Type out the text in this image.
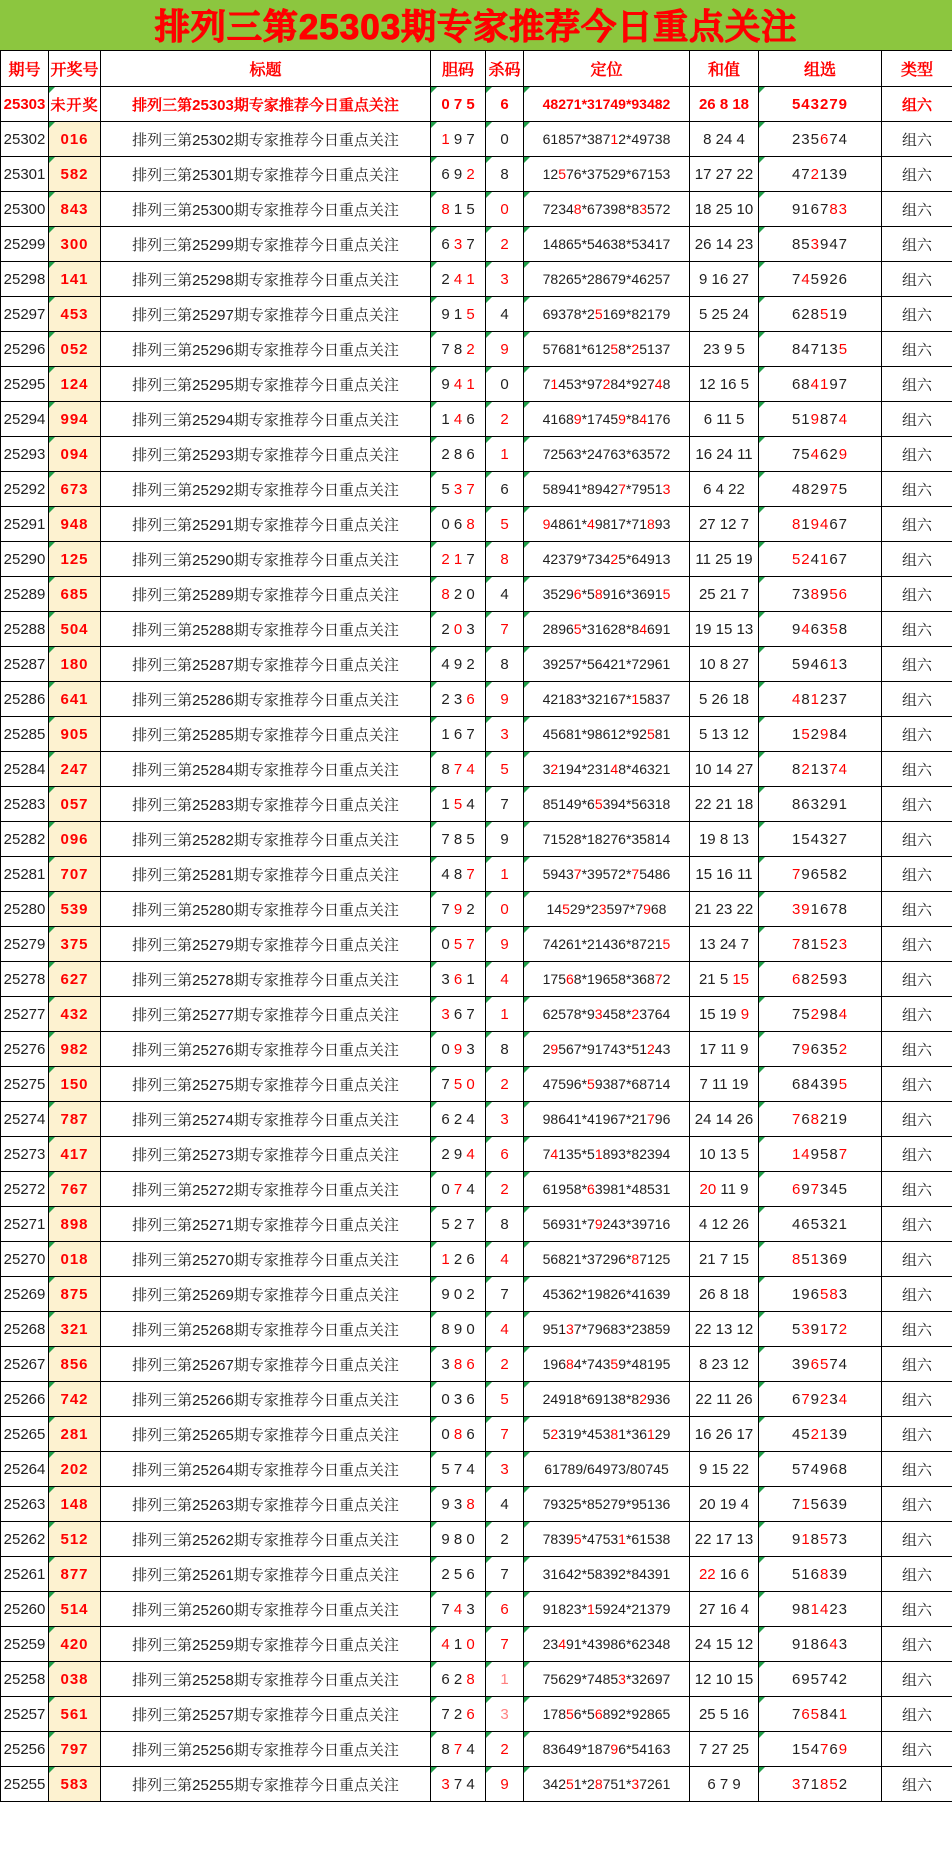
排列三第25303期专家推荐今日重点关注
期号	开奖号	标题	胆码	杀码	定位	和值	组选	类型
25303	未开奖	排列三第25303期专家推荐今日重点关注	0 7 5	6	48271*31749*93482	26 8 18	543279	组六
25302	016	排列三第25302期专家推荐今日重点关注	1 9 7	0	61857*38712*49738	8 24 4	235674	组六
25301	582	排列三第25301期专家推荐今日重点关注	6 9 2	8	12576*37529*67153	17 27 22	472139	组六
25300	843	排列三第25300期专家推荐今日重点关注	8 1 5	0	72348*67398*83572	18 25 10	916783	组六
25299	300	排列三第25299期专家推荐今日重点关注	6 3 7	2	14865*54638*53417	26 14 23	853947	组六
25298	141	排列三第25298期专家推荐今日重点关注	2 4 1	3	78265*28679*46257	9 16 27	745926	组六
25297	453	排列三第25297期专家推荐今日重点关注	9 1 5	4	69378*25169*82179	5 25 24	628519	组六
25296	052	排列三第25296期专家推荐今日重点关注	7 8 2	9	57681*61258*25137	23 9 5	847135	组六
25295	124	排列三第25295期专家推荐今日重点关注	9 4 1	0	71453*97284*92748	12 16 5	684197	组六
25294	994	排列三第25294期专家推荐今日重点关注	1 4 6	2	41689*17459*84176	6 11 5	519874	组六
25293	094	排列三第25293期专家推荐今日重点关注	2 8 6	1	72563*24763*63572	16 24 11	754629	组六
25292	673	排列三第25292期专家推荐今日重点关注	5 3 7	6	58941*89427*79513	6 4 22	482975	组六
25291	948	排列三第25291期专家推荐今日重点关注	0 6 8	5	94861*49817*71893	27 12 7	819467	组六
25290	125	排列三第25290期专家推荐今日重点关注	2 1 7	8	42379*73425*64913	11 25 19	524167	组六
25289	685	排列三第25289期专家推荐今日重点关注	8 2 0	4	35296*58916*36915	25 21 7	738956	组六
25288	504	排列三第25288期专家推荐今日重点关注	2 0 3	7	28965*31628*84691	19 15 13	946358	组六
25287	180	排列三第25287期专家推荐今日重点关注	4 9 2	8	39257*56421*72961	10 8 27	594613	组六
25286	641	排列三第25286期专家推荐今日重点关注	2 3 6	9	42183*32167*15837	5 26 18	481237	组六
25285	905	排列三第25285期专家推荐今日重点关注	1 6 7	3	45681*98612*92581	5 13 12	152984	组六
25284	247	排列三第25284期专家推荐今日重点关注	8 7 4	5	32194*23148*46321	10 14 27	821374	组六
25283	057	排列三第25283期专家推荐今日重点关注	1 5 4	7	85149*65394*56318	22 21 18	863291	组六
25282	096	排列三第25282期专家推荐今日重点关注	7 8 5	9	71528*18276*35814	19 8 13	154327	组六
25281	707	排列三第25281期专家推荐今日重点关注	4 8 7	1	59437*39572*75486	15 16 11	796582	组六
25280	539	排列三第25280期专家推荐今日重点关注	7 9 2	0	14529*23597*7968	21 23 22	391678	组六
25279	375	排列三第25279期专家推荐今日重点关注	0 5 7	9	74261*21436*87215	13 24 7	781523	组六
25278	627	排列三第25278期专家推荐今日重点关注	3 6 1	4	17568*19658*36872	21 5 15	682593	组六
25277	432	排列三第25277期专家推荐今日重点关注	3 6 7	1	62578*93458*23764	15 19 9	752984	组六
25276	982	排列三第25276期专家推荐今日重点关注	0 9 3	8	29567*91743*51243	17 11 9	796352	组六
25275	150	排列三第25275期专家推荐今日重点关注	7 5 0	2	47596*59387*68714	7 11 19	684395	组六
25274	787	排列三第25274期专家推荐今日重点关注	6 2 4	3	98641*41967*21796	24 14 26	768219	组六
25273	417	排列三第25273期专家推荐今日重点关注	2 9 4	6	74135*51893*82394	10 13 5	149587	组六
25272	767	排列三第25272期专家推荐今日重点关注	0 7 4	2	61958*63981*48531	20 11 9	697345	组六
25271	898	排列三第25271期专家推荐今日重点关注	5 2 7	8	56931*79243*39716	4 12 26	465321	组六
25270	018	排列三第25270期专家推荐今日重点关注	1 2 6	4	56821*37296*87125	21 7 15	851369	组六
25269	875	排列三第25269期专家推荐今日重点关注	9 0 2	7	45362*19826*41639	26 8 18	196583	组六
25268	321	排列三第25268期专家推荐今日重点关注	8 9 0	4	95137*79683*23859	22 13 12	539172	组六
25267	856	排列三第25267期专家推荐今日重点关注	3 8 6	2	19684*74359*48195	8 23 12	396574	组六
25266	742	排列三第25266期专家推荐今日重点关注	0 3 6	5	24918*69138*82936	22 11 26	679234	组六
25265	281	排列三第25265期专家推荐今日重点关注	0 8 6	7	52319*45381*36129	16 26 17	452139	组六
25264	202	排列三第25264期专家推荐今日重点关注	5 7 4	3	61789/64973/80745	9 15 22	574968	组六
25263	148	排列三第25263期专家推荐今日重点关注	9 3 8	4	79325*85279*95136	20 19 4	715639	组六
25262	512	排列三第25262期专家推荐今日重点关注	9 8 0	2	78395*47531*61538	22 17 13	918573	组六
25261	877	排列三第25261期专家推荐今日重点关注	2 5 6	7	31642*58392*84391	22 16 6	516839	组六
25260	514	排列三第25260期专家推荐今日重点关注	7 4 3	6	91823*15924*21379	27 16 4	981423	组六
25259	420	排列三第25259期专家推荐今日重点关注	4 1 0	7	23491*43986*62348	24 15 12	918643	组六
25258	038	排列三第25258期专家推荐今日重点关注	6 2 8	1	75629*74853*32697	12 10 15	695742	组六
25257	561	排列三第25257期专家推荐今日重点关注	7 2 6	3	17856*56892*92865	25 5 16	765841	组六
25256	797	排列三第25256期专家推荐今日重点关注	8 7 4	2	83649*18796*54163	7 27 25	154769	组六
25255	583	排列三第25255期专家推荐今日重点关注	3 7 4	9	34251*28751*37261	6 7 9	371852	组六
